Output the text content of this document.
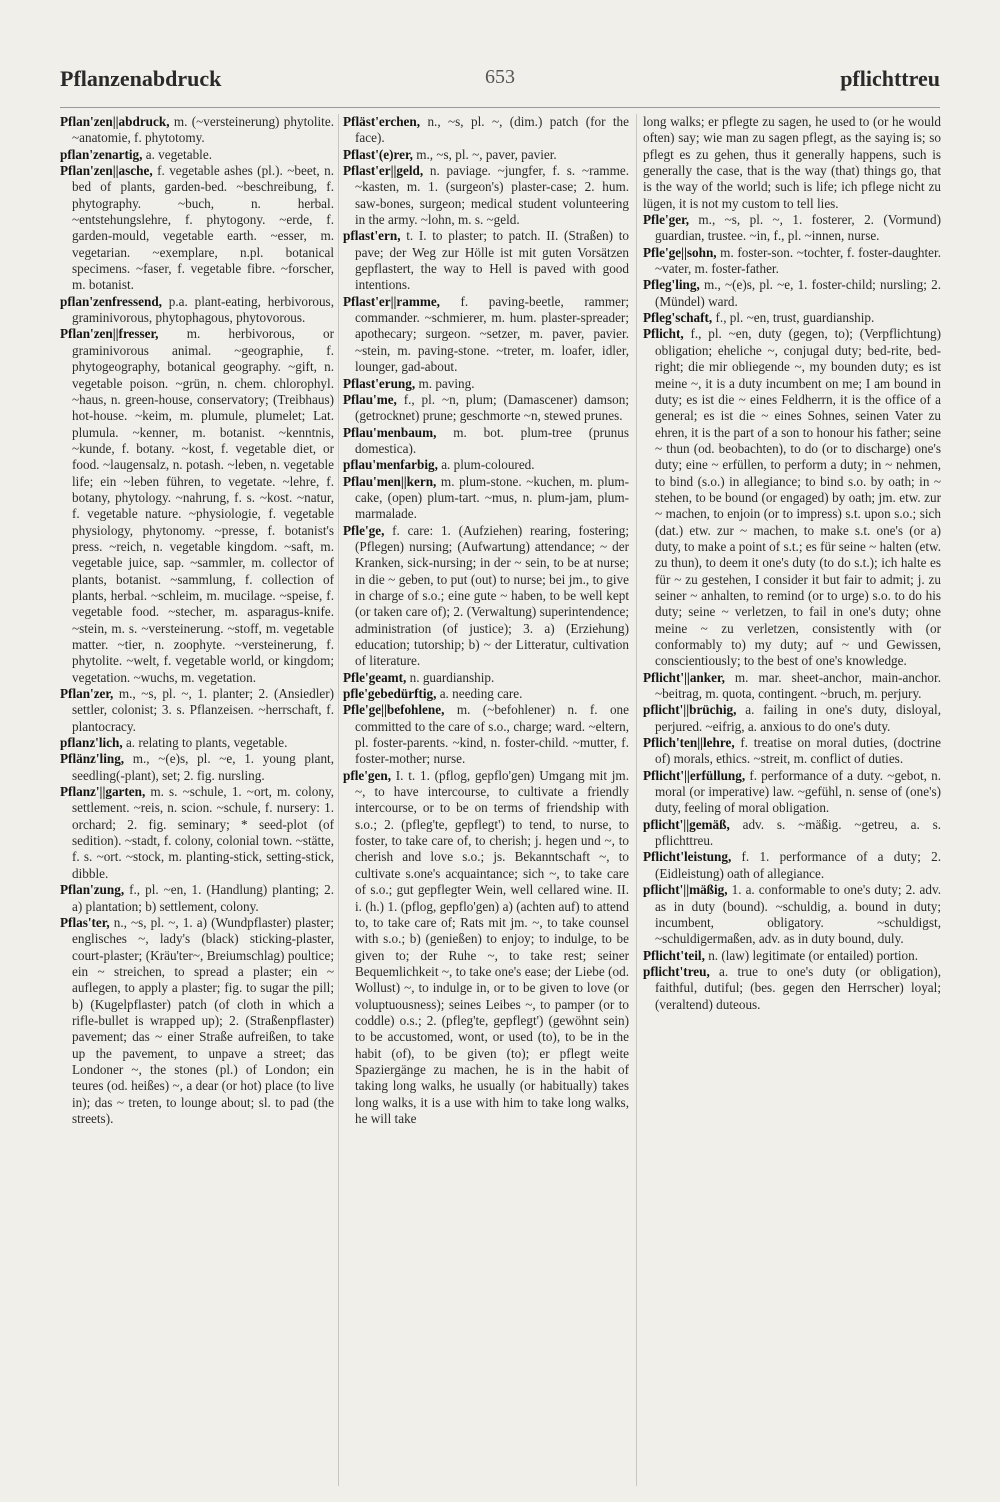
653
Pflanzenabdruck	pflichttreu

Pflan'zen||abdruck, m. (~versteinerung) phytolite. ~anatomie, f. phytotomy.

pflan'zenartig, a. vegetable.

Pflan'zen||asche, f. vegetable ashes (pl.). ~beet, n. bed of plants, garden-bed. ~beschreibung, f. phytography. ~buch, n. herbal. ~entstehungslehre, f. phytogony. ~erde, f. garden-mould, vegetable earth. ~esser, m. vegetarian. ~exemplare, n.pl. botanical specimens. ~faser, f. vegetable fibre. ~forscher, m. botanist.

pflan'zenfressend, p.a. plant-eating, herbivorous, graminivorous, phytophagous, phytovorous.

Pflan'zen||fresser, m. herbivorous, or graminivorous animal. ~geographie, f. phytogeography, botanical geography. ~gift, n. vegetable poison. ~grün, n. chem. chlorophyl. ~haus, n. green-house, conservatory; (Treibhaus) hot-house. ~keim, m. plumule, plumelet; Lat. plumula. ~kenner, m. botanist. ~kenntnis, ~kunde, f. botany. ~kost, f. vegetable diet, or food. ~laugensalz, n. potash. ~leben, n. vegetable life; ein ~leben führen, to vegetate. ~lehre, f. botany, phytology. ~nahrung, f. s. ~kost. ~natur, f. vegetable nature. ~physiologie, f. vegetable physiology, phytonomy. ~presse, f. botanist's press. ~reich, n. vegetable kingdom. ~saft, m. vegetable juice, sap. ~sammler, m. collector of plants, botanist. ~sammlung, f. collection of plants, herbal. ~schleim, m. mucilage. ~speise, f. vegetable food. ~stecher, m. asparagus-knife. ~stein, m. s. ~versteinerung. ~stoff, m. vegetable matter. ~tier, n. zoophyte. ~versteinerung, f. phytolite. ~welt, f. vegetable world, or kingdom; vegetation. ~wuchs, m. vegetation.

Pflan'zer, m., ~s, pl. ~, 1. planter; 2. (Ansiedler) settler, colonist; 3. s. Pflanzeisen. ~herrschaft, f. plantocracy.

pflanz'lich, a. relating to plants, vegetable.

Pflänz'ling, m., ~(e)s, pl. ~e, 1. young plant, seedling(-plant), set; 2. fig. nursling.

Pflanz'||garten, m. s. ~schule, 1. ~ort, m. colony, settlement. ~reis, n. scion. ~schule, f. nursery: 1. orchard; 2. fig. seminary; * seed-plot (of sedition). ~stadt, f. colony, colonial town. ~stätte, f. s. ~ort. ~stock, m. planting-stick, setting-stick, dibble.

Pflan'zung, f., pl. ~en, 1. (Handlung) planting; 2. a) plantation; b) settlement, colony.

Pflas'ter, n., ~s, pl. ~, 1. a) (Wundpflaster) plaster; englisches ~, lady's (black) sticking-plaster, court-plaster; (Kräu'ter~, Breiumschlag) poultice; ein ~ streichen, to spread a plaster; ein ~ auflegen, to apply a plaster; fig. to sugar the pill; b) (Kugelpflaster) patch (of cloth in which a rifle-bullet is wrapped up); 2. (Straßenpflaster) pavement; das ~ einer Straße aufreißen, to take up the pavement, to unpave a street; das Londoner ~, the stones (pl.) of London; ein teures (od. heißes) ~, a dear (or hot) place (to live in); das ~ treten, to lounge about; sl. to pad (the streets).

Pfläst'erchen, n., ~s, pl. ~, (dim.) patch (for the face).

Pflast'(e)rer, m., ~s, pl. ~, paver, pavier.

Pflast'er||geld, n. paviage. ~jungfer, f. s. ~ramme. ~kasten, m. 1. (surgeon's) plaster-case; 2. hum. saw-bones, surgeon; medical student volunteering in the army. ~lohn, m. s. ~geld.

pflast'ern, t. I. to plaster; to patch. II. (Straßen) to pave; der Weg zur Hölle ist mit guten Vorsätzen gepflastert, the way to Hell is paved with good intentions.

Pflast'er||ramme, f. paving-beetle, rammer; commander. ~schmierer, m. hum. plaster-spreader; apothecary; surgeon. ~setzer, m. paver, pavier. ~stein, m. paving-stone. ~treter, m. loafer, idler, lounger, gad-about.

Pflast'erung, m. paving.

Pflau'me, f., pl. ~n, plum; (Damascener) damson; (getrocknet) prune; geschmorte ~n, stewed prunes.

Pflau'menbaum, m. bot. plum-tree (prunus domestica).

pflau'menfarbig, a. plum-coloured.

Pflau'men||kern, m. plum-stone. ~kuchen, m. plum-cake, (open) plum-tart. ~mus, n. plum-jam, plum-marmalade.

Pfle'ge, f. care: 1. (Aufziehen) rearing, fostering; (Pflegen) nursing; (Aufwartung) attendance; ~ der Kranken, sick-nursing; in der ~ sein, to be at nurse; in die ~ geben, to put (out) to nurse; bei jm., to give in charge of s.o.; eine gute ~ haben, to be well kept (or taken care of); 2. (Verwaltung) superintendence; administration (of justice); 3. a) (Erziehung) education; tutorship; b) ~ der Litteratur, cultivation of literature.

Pfle'geamt, n. guardianship.

pfle'gebedürftig, a. needing care.

Pfle'ge||befohlene, m. (~befohlener) n. f. one committed to the care of s.o., charge; ward. ~eltern, pl. foster-parents. ~kind, n. foster-child. ~mutter, f. foster-mother; nurse.

pfle'gen, I. t. 1. (pflog, gepflo'gen) Umgang mit jm. ~, to have intercourse, to cultivate a friendly intercourse, or to be on terms of friendship with s.o.; 2. (pfleg'te, gepflegt') to tend, to nurse, to foster, to take care of, to cherish; j. hegen und ~, to cherish and love s.o.; js. Bekanntschaft ~, to cultivate s.one's acquaintance; sich ~, to take care of s.o.; gut gepflegter Wein, well cellared wine. II. i. (h.) 1. (pflog, gepflo'gen) a) (achten auf) to attend to, to take care of; Rats mit jm. ~, to take counsel with s.o.; b) (genießen) to enjoy; to indulge, to be given to; der Ruhe ~, to take rest; seiner Bequemlichkeit ~, to take one's ease; der Liebe (od. Wollust) ~, to indulge in, or to be given to love (or voluptuousness); seines Leibes ~, to pamper (or to coddle) o.s.; 2. (pfleg'te, gepflegt') (gewöhnt sein) to be accustomed, wont, or used (to), to be in the habit (of), to be given (to); er pflegt weite Spaziergänge zu machen, he is in the habit of taking long walks, he usually (or habitually) takes long walks, it is a use with him to take long walks, he will take

long walks; er pflegte zu sagen, he used to (or he would often) say; wie man zu sagen pflegt, as the saying is; so pflegt es zu gehen, thus it generally happens, such is generally the case, that is the way (that) things go, that is the way of the world; such is life; ich pflege nicht zu lügen, it is not my custom to tell lies.

Pfle'ger, m., ~s, pl. ~, 1. fosterer, 2. (Vormund) guardian, trustee. ~in, f., pl. ~innen, nurse.

Pfle'ge||sohn, m. foster-son. ~tochter, f. foster-daughter. ~vater, m. foster-father.

Pfleg'ling, m., ~(e)s, pl. ~e, 1. foster-child; nursling; 2. (Mündel) ward.

Pfleg'schaft, f., pl. ~en, trust, guardianship.

Pflicht, f., pl. ~en, duty (gegen, to); (Verpflichtung) obligation; eheliche ~, conjugal duty; bed-rite, bed-right; die mir obliegende ~, my bounden duty; es ist meine ~, it is a duty incumbent on me; I am bound in duty; es ist die ~ eines Feldherrn, it is the office of a general; es ist die ~ eines Sohnes, seinen Vater zu ehren, it is the part of a son to honour his father; seine ~ thun (od. beobachten), to do (or to discharge) one's duty; eine ~ erfüllen, to perform a duty; in ~ nehmen, to bind (s.o.) in allegiance; to bind s.o. by oath; in ~ stehen, to be bound (or engaged) by oath; jm. etw. zur ~ machen, to enjoin (or to impress) s.t. upon s.o.; sich (dat.) etw. zur ~ machen, to make s.t. one's (or a) duty, to make a point of s.t.; es für seine ~ halten (etw. zu thun), to deem it one's duty (to do s.t.); ich halte es für ~ zu gestehen, I consider it but fair to admit; j. zu seiner ~ anhalten, to remind (or to urge) s.o. to do his duty; seine ~ verletzen, to fail in one's duty; ohne meine ~ zu verletzen, consistently with (or conformably to) my duty; auf ~ und Gewissen, conscientiously; to the best of one's knowledge.

Pflicht'||anker, m. mar. sheet-anchor, main-anchor. ~beitrag, m. quota, contingent. ~bruch, m. perjury.

pflicht'||brüchig, a. failing in one's duty, disloyal, perjured. ~eifrig, a. anxious to do one's duty.

Pflich'ten||lehre, f. treatise on moral duties, (doctrine of) morals, ethics. ~streit, m. conflict of duties.

Pflicht'||erfüllung, f. performance of a duty. ~gebot, n. moral (or imperative) law. ~gefühl, n. sense of (one's) duty, feeling of moral obligation.

pflicht'||gemäß, adv. s. ~mäßig. ~getreu, a. s. pflichttreu.

Pflicht'leistung, f. 1. performance of a duty; 2. (Eidleistung) oath of allegiance.

pflicht'||mäßig, 1. a. conformable to one's duty; 2. adv. as in duty (bound). ~schuldig, a. bound in duty; incumbent, obligatory. ~schuldigst, ~schuldigermaßen, adv. as in duty bound, duly.

Pflicht'teil, n. (law) legitimate (or entailed) portion.

pflicht'treu, a. true to one's duty (or obligation), faithful, dutiful; (bes. gegen den Herrscher) loyal; (veraltend) duteous.
